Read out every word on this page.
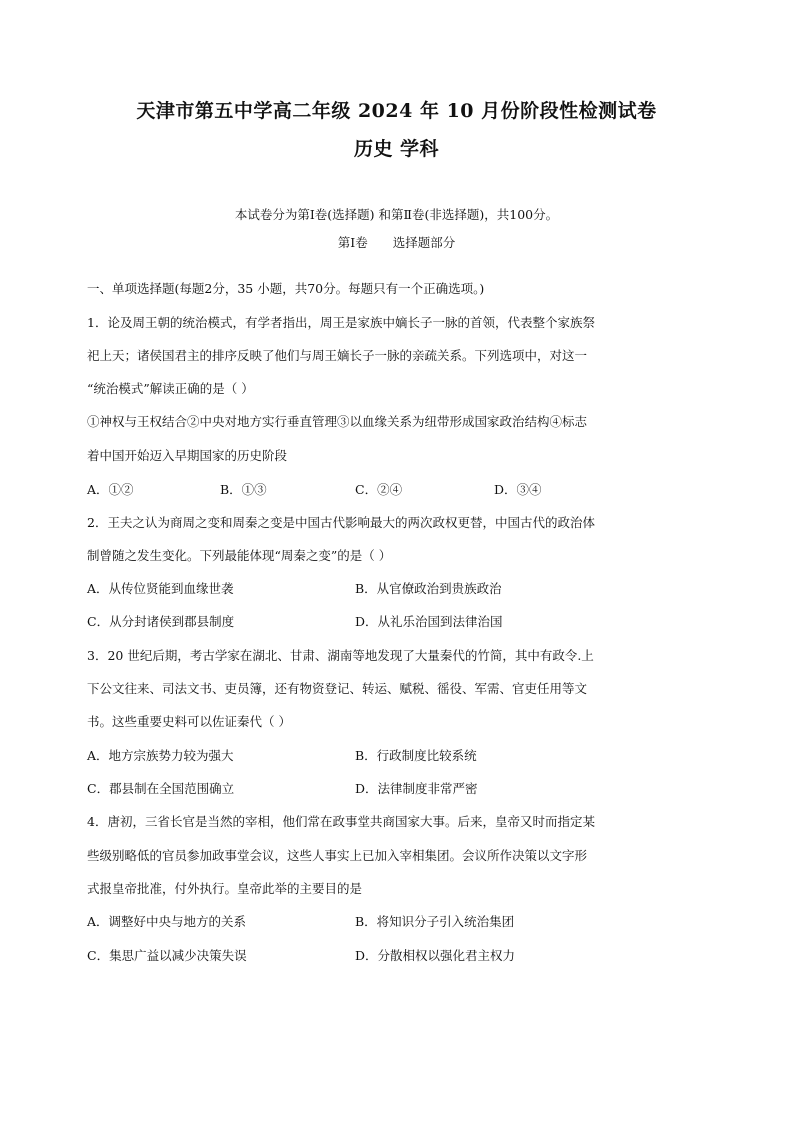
天津市第五中学高二年级 2024 年 10 月份阶段性检测试卷
历史 学科
本试卷分为第Ⅰ卷(选择题) 和第Ⅱ卷(非选择题)，共100分。
第Ⅰ卷　　选择题部分
一、单项选择题(每题2分，35 小题，共70分。每题只有一个正确选项。)
1．论及周王朝的统治模式，有学者指出，周王是家族中嫡长子一脉的首领，代表整个家族祭
祀上天；诸侯国君主的排序反映了他们与周王嫡长子一脉的亲疏关系。下列选项中，对这一
“统治模式”解读正确的是（ ）
①神权与王权结合②中央对地方实行垂直管理③以血缘关系为纽带形成国家政治结构④标志
着中国开始迈入早期国家的历史阶段
A．①②	B．①③	C．②④	D．③④
2．王夫之认为商周之变和周秦之变是中国古代影响最大的两次政权更替，中国古代的政治体
制曾随之发生变化。下列最能体现“周秦之变”的是（ ）
A．从传位贤能到血缘世袭	B．从官僚政治到贵族政治
C．从分封诸侯到郡县制度	D．从礼乐治国到法律治国
3．20 世纪后期，考古学家在湖北、甘肃、湖南等地发现了大量秦代的竹简，其中有政令.上
下公文往来、司法文书、吏员簿，还有物资登记、转运、赋税、徭役、军需、官吏任用等文
书。这些重要史料可以佐证秦代（ ）
A．地方宗族势力较为强大	B．行政制度比较系统
C．郡县制在全国范围确立	D．法律制度非常严密
4．唐初，三省长官是当然的宰相，他们常在政事堂共商国家大事。后来，皇帝又时而指定某
些级别略低的官员参加政事堂会议，这些人事实上已加入宰相集团。会议所作决策以文字形
式报皇帝批准，付外执行。皇帝此举的主要目的是
A．调整好中央与地方的关系	B．将知识分子引入统治集团
C．集思广益以减少决策失误	D．分散相权以强化君主权力
